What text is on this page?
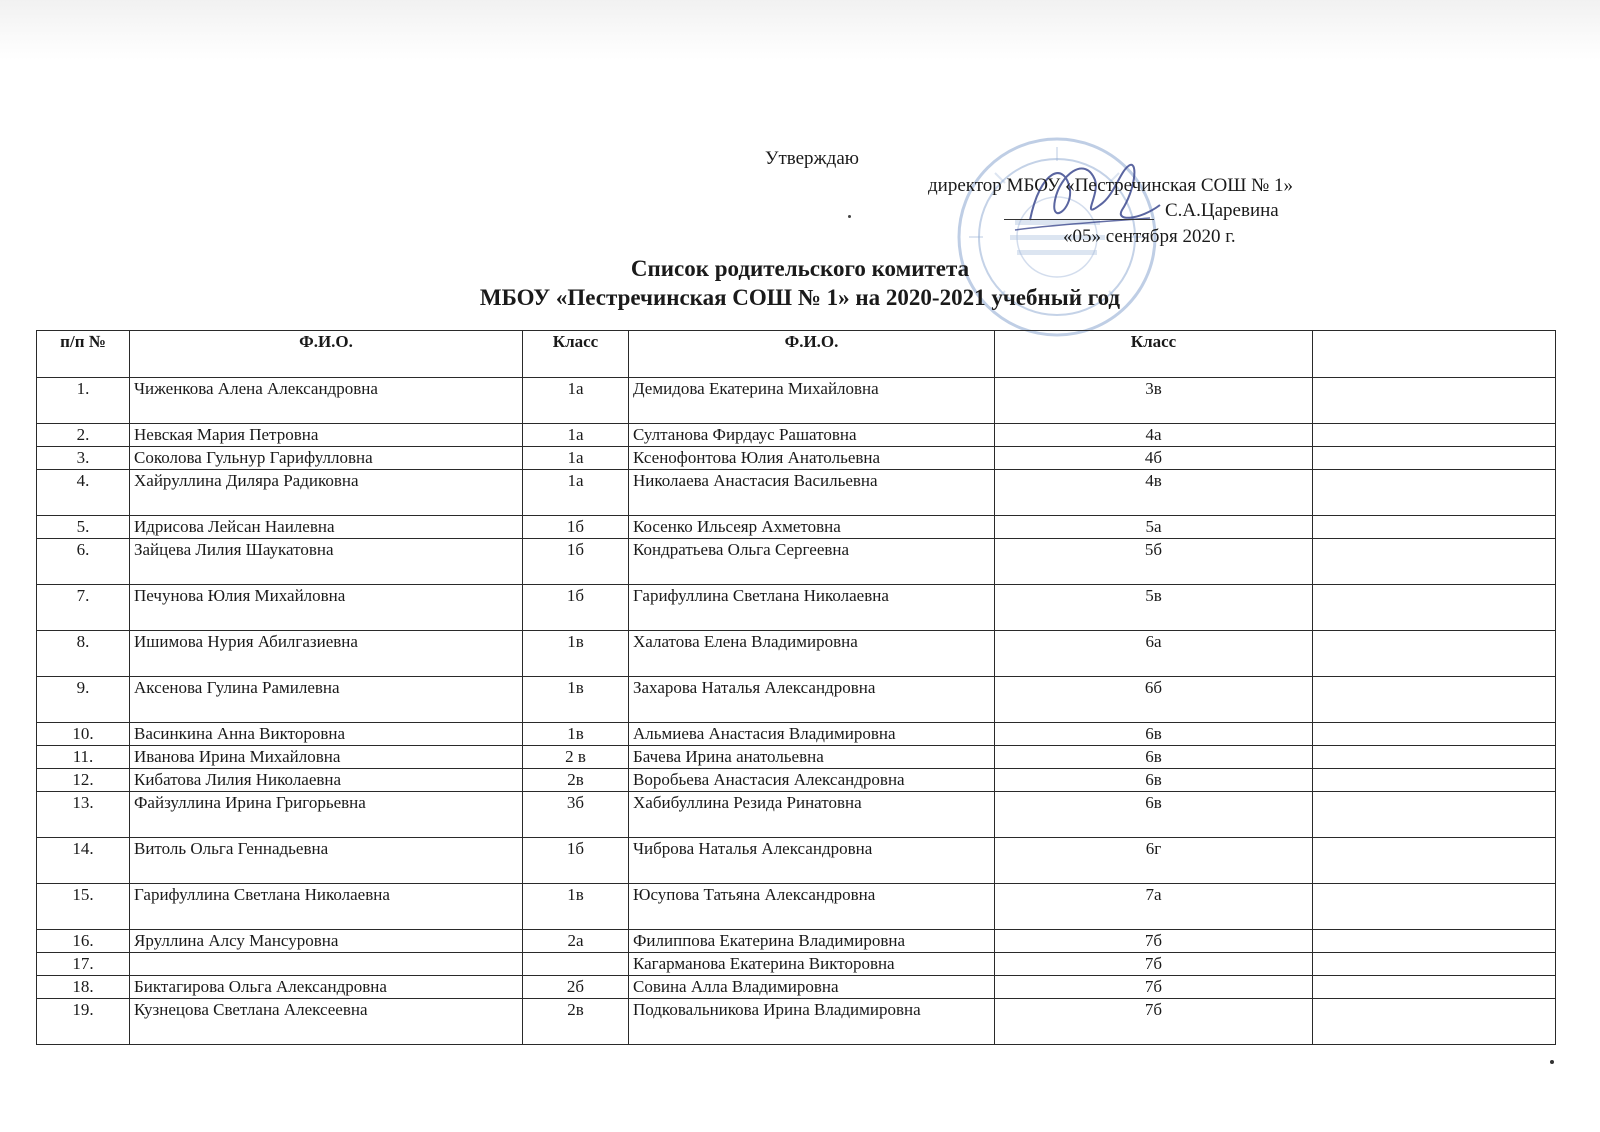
Утверждаю
директор МБОУ «Пестречинская СОШ № 1»
С.А.Царевина
«05» сентября 2020 г.
Список родительского комитета
МБОУ «Пестречинская СОШ № 1» на 2020-2021 учебный год
п/п №	Ф.И.О.	Класс	Ф.И.О.	Класс	
1.	Чиженкова Алена Александровна	1а	Демидова Екатерина Михайловна	3в	
2.	Невская Мария Петровна	1а	Султанова Фирдаус Рашатовна	4а	
3.	Соколова Гульнур Гарифулловна	1а	Ксенофонтова Юлия Анатольевна	4б	
4.	Хайруллина Диляра Радиковна	1а	Николаева Анастасия Васильевна	4в	
5.	Идрисова Лейсан Наилевна	1б	Косенко Ильсеяр Ахметовна	5а	
6.	Зайцева Лилия Шаукатовна	1б	Кондратьева Ольга Сергеевна	5б	
7.	Печунова Юлия Михайловна	1б	Гарифуллина Светлана Николаевна	5в	
8.	Ишимова Нурия Абилгазиевна	1в	Халатова Елена Владимировна	6а	
9.	Аксенова Гулина Рамилевна	1в	Захарова Наталья Александровна	6б	
10.	Васинкина Анна Викторовна	1в	Альмиева Анастасия Владимировна	6в	
11.	Иванова Ирина Михайловна	2 в	Бачева Ирина анатольевна	6в	
12.	Кибатова Лилия Николаевна	2в	Воробьева Анастасия Александровна	6в	
13.	Файзуллина Ирина Григорьевна	3б	Хабибуллина Резида Ринатовна	6в	
14.	Витоль Ольга Геннадьевна	1б	Чиброва Наталья Александровна	6г	
15.	Гарифуллина Светлана Николаевна	1в	Юсупова Татьяна Александровна	7а	
16.	Яруллина Алсу Мансуровна	2а	Филиппова Екатерина Владимировна	7б	
17.			Кагарманова Екатерина Викторовна	7б	
18.	Биктагирова Ольга Александровна	2б	Совина Алла Владимировна	7б	
19.	Кузнецова Светлана Алексеевна	2в	Подковальникова Ирина Владимировна	7б	
